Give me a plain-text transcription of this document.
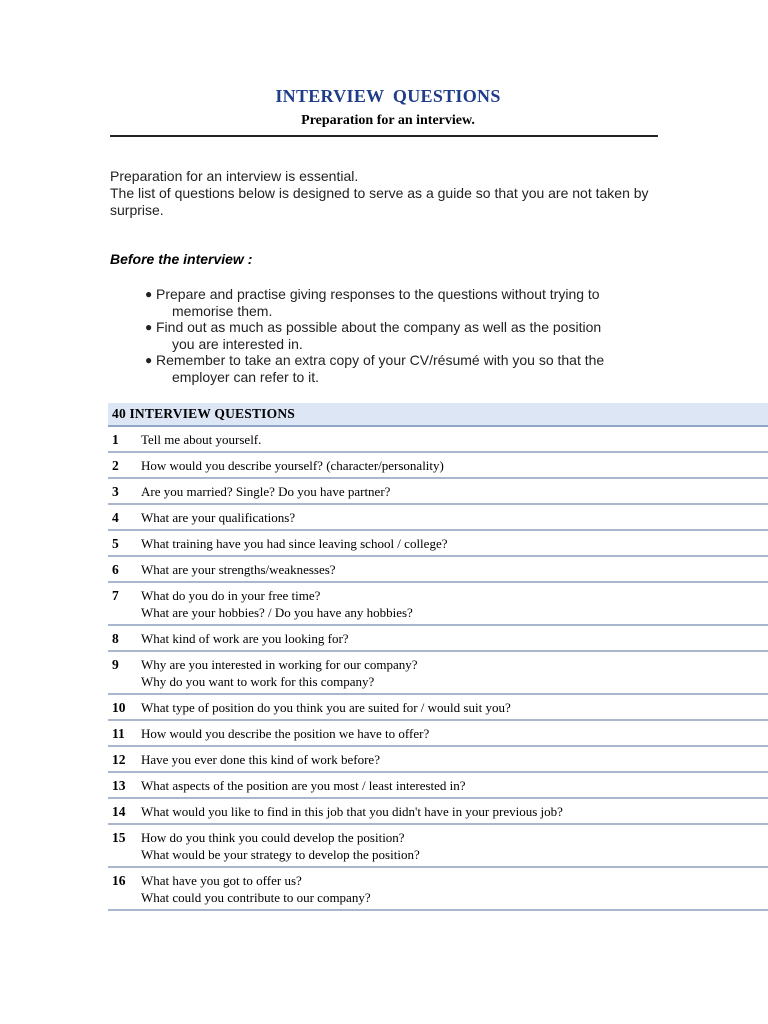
INTERVIEW QUESTIONS
Preparation for an interview.

Preparation for an interview is essential.

The list of questions below is designed to serve as a guide so that you are not taken by surprise.

Before the interview :
● Prepare and practise giving responses to the questions without trying to
memorise them.
● Find out as much as possible about the company as well as the position
you are interested in.
● Remember to take an extra copy of your CV/résumé with you so that the
employer can refer to it.
40 INTERVIEW QUESTIONS
1	Tell me about yourself.
2	How would you describe yourself? (character/personality)
3	Are you married? Single? Do you have partner?
4	What are your qualifications?
5	What training have you had since leaving school / college?
6	What are your strengths/weaknesses?
7	What do you do in your free time?
What are your hobbies? / Do you have any hobbies?
8	What kind of work are you looking for?
9	Why are you interested in working for our company?
Why do you want to work for this company?
10	What type of position do you think you are suited for / would suit you?
11	How would you describe the position we have to offer?
12	Have you ever done this kind of work before?
13	What aspects of the position are you most / least interested in?
14	What would you like to find in this job that you didn't have in your previous job?
15	How do you think you could develop the position?
What would be your strategy to develop the position?
16	What have you got to offer us?
What could you contribute to our company?
